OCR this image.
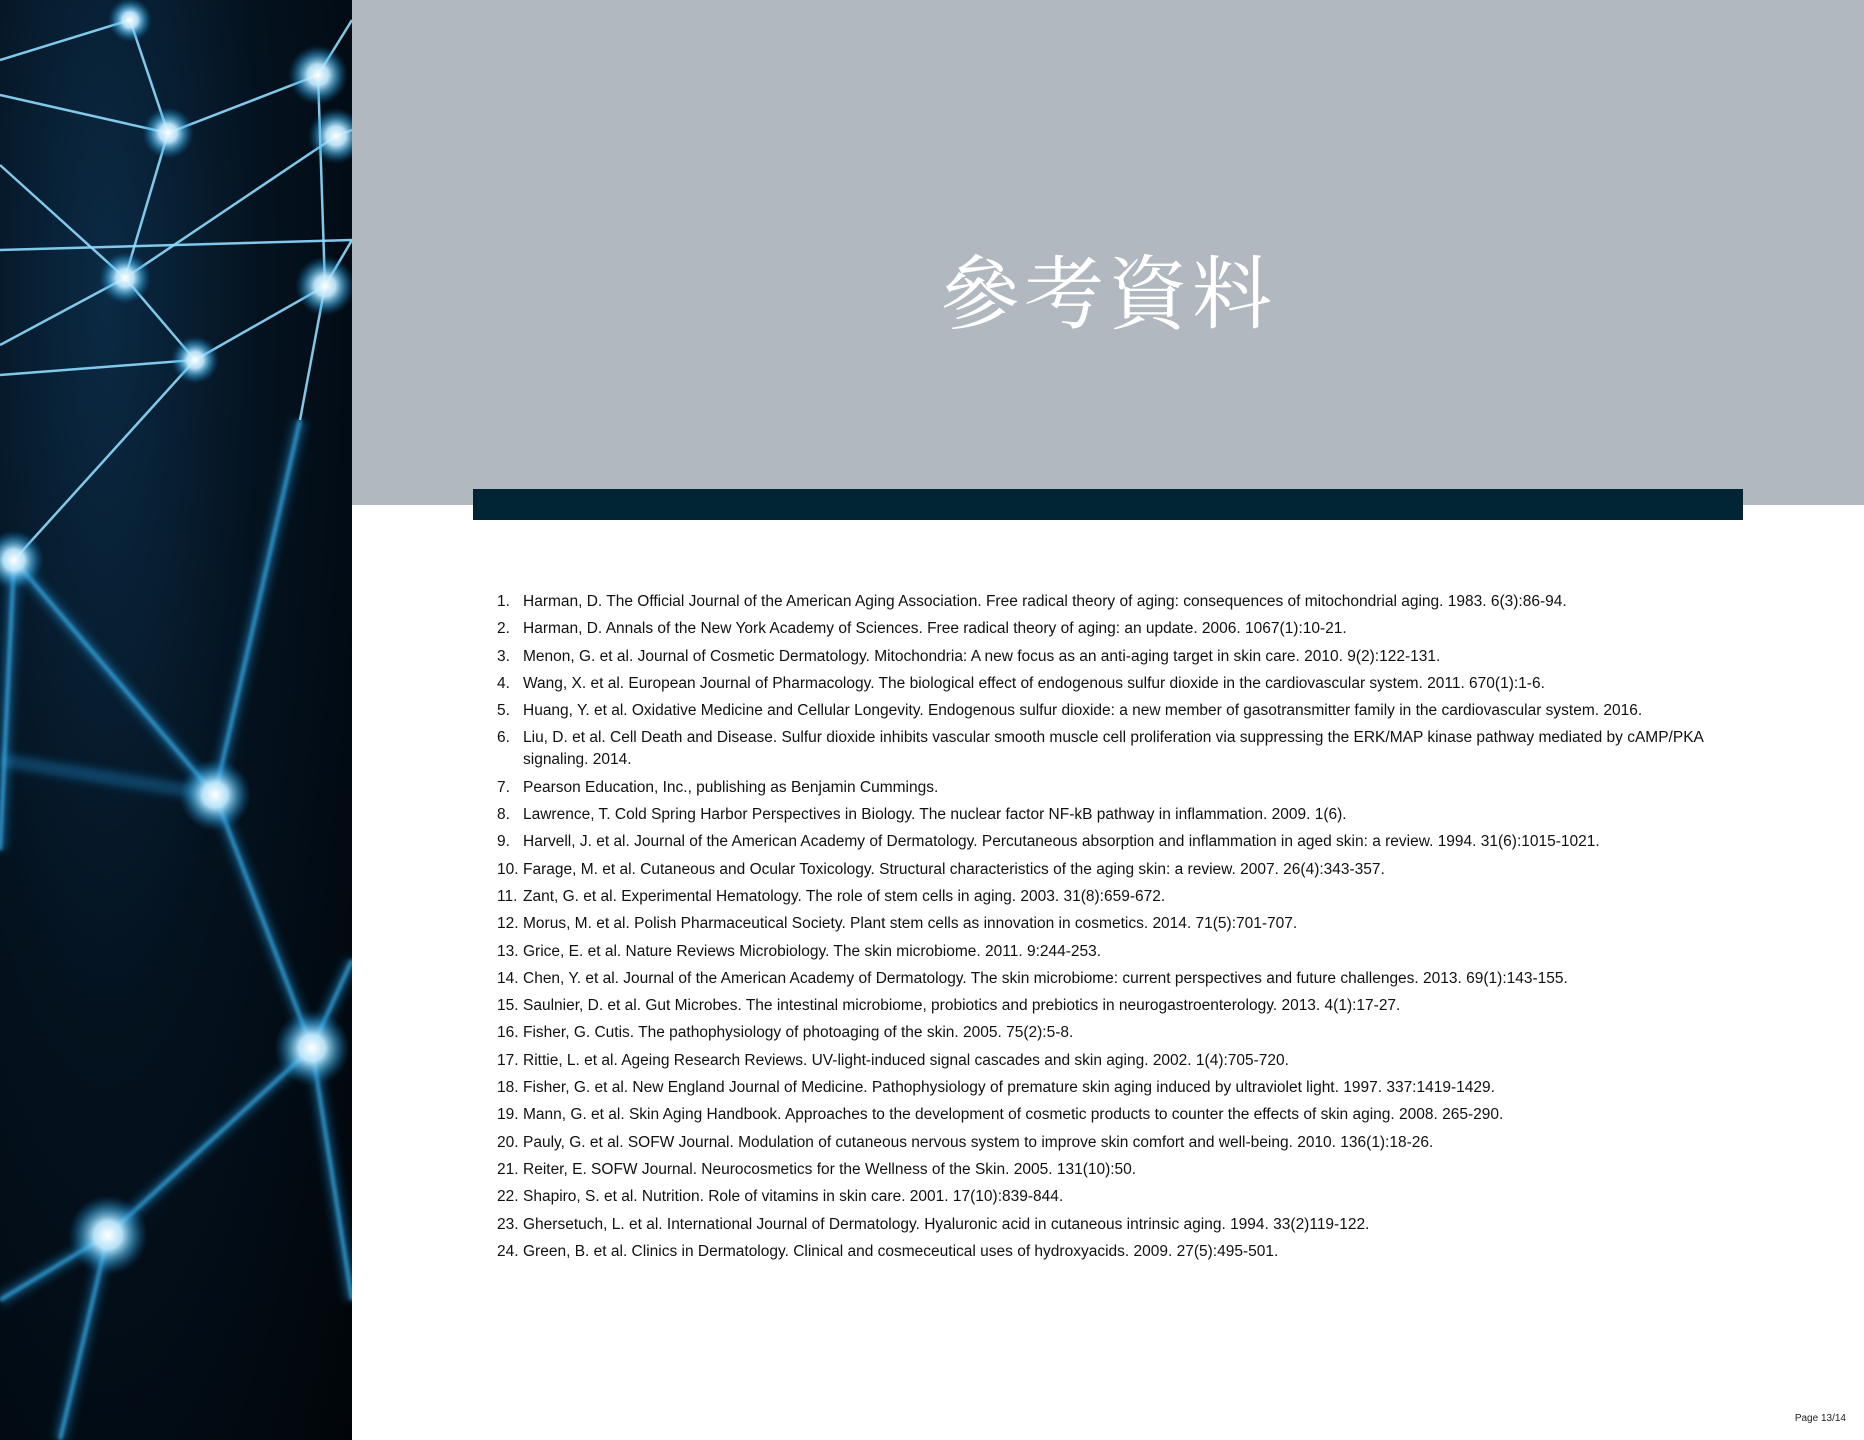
參考資料
1. Harman, D. The Official Journal of the American Aging Association. Free radical theory of aging: consequences of mitochondrial aging. 1983. 6(3):86-94.
2. Harman, D. Annals of the New York Academy of Sciences. Free radical theory of aging: an update. 2006. 1067(1):10-21.
3. Menon, G. et al. Journal of Cosmetic Dermatology. Mitochondria: A new focus as an anti-aging target in skin care. 2010. 9(2):122-131.
4. Wang, X. et al. European Journal of Pharmacology. The biological effect of endogenous sulfur dioxide in the cardiovascular system. 2011. 670(1):1-6.
5. Huang, Y. et al. Oxidative Medicine and Cellular Longevity. Endogenous sulfur dioxide: a new member of gasotransmitter family in the cardiovascular system. 2016.
6. Liu, D. et al. Cell Death and Disease. Sulfur dioxide inhibits vascular smooth muscle cell proliferation via suppressing the ERK/MAP kinase pathway mediated by cAMP/PKA signaling. 2014.
7. Pearson Education, Inc., publishing as Benjamin Cummings.
8. Lawrence, T. Cold Spring Harbor Perspectives in Biology. The nuclear factor NF-kB pathway in inflammation. 2009. 1(6).
9. Harvell, J. et al. Journal of the American Academy of Dermatology. Percutaneous absorption and inflammation in aged skin: a review. 1994. 31(6):1015-1021.
10. Farage, M. et al. Cutaneous and Ocular Toxicology. Structural characteristics of the aging skin: a review. 2007. 26(4):343-357.
11. Zant, G. et al. Experimental Hematology. The role of stem cells in aging. 2003. 31(8):659-672.
12. Morus, M. et al. Polish Pharmaceutical Society. Plant stem cells as innovation in cosmetics. 2014. 71(5):701-707.
13. Grice, E. et al. Nature Reviews Microbiology. The skin microbiome. 2011. 9:244-253.
14. Chen, Y. et al. Journal of the American Academy of Dermatology. The skin microbiome: current perspectives and future challenges. 2013. 69(1):143-155.
15. Saulnier, D. et al. Gut Microbes. The intestinal microbiome, probiotics and prebiotics in neurogastroenterology. 2013. 4(1):17-27.
16. Fisher, G. Cutis. The pathophysiology of photoaging of the skin. 2005. 75(2):5-8.
17. Rittie, L. et al. Ageing Research Reviews. UV-light-induced signal cascades and skin aging. 2002. 1(4):705-720.
18. Fisher, G. et al. New England Journal of Medicine. Pathophysiology of premature skin aging induced by ultraviolet light. 1997. 337:1419-1429.
19. Mann, G. et al. Skin Aging Handbook. Approaches to the development of cosmetic products to counter the effects of skin aging. 2008. 265-290.
20. Pauly, G. et al. SOFW Journal. Modulation of cutaneous nervous system to improve skin comfort and well-being. 2010. 136(1):18-26.
21. Reiter, E. SOFW Journal. Neurocosmetics for the Wellness of the Skin. 2005. 131(10):50.
22. Shapiro, S. et al. Nutrition. Role of vitamins in skin care. 2001. 17(10):839-844.
23. Ghersetuch, L. et al. International Journal of Dermatology. Hyaluronic acid in cutaneous intrinsic aging. 1994. 33(2)119-122.
24. Green, B. et al. Clinics in Dermatology. Clinical and cosmeceutical uses of hydroxyacids. 2009. 27(5):495-501.
Page 13/14
